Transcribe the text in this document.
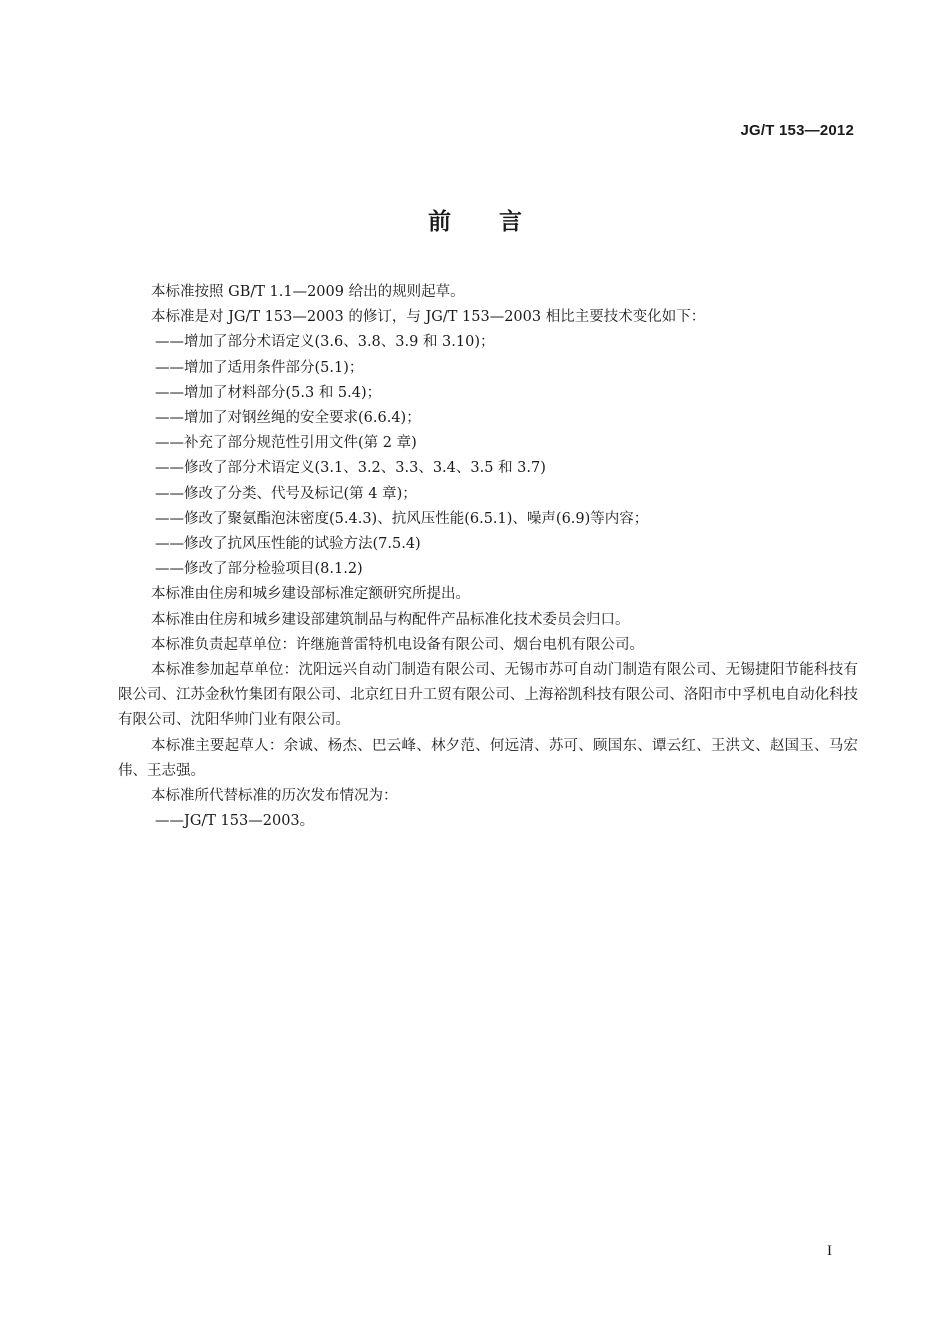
JG/T 153—2012
前言

本标准按照 GB/T 1.1—2009 给出的规则起草。

本标准是对 JG/T 153—2003 的修订，与 JG/T 153—2003 相比主要技术变化如下：

——增加了部分术语定义(3.6、3.8、3.9 和 3.10)；

——增加了适用条件部分(5.1)；

——增加了材料部分(5.3 和 5.4)；

——增加了对钢丝绳的安全要求(6.6.4)；

——补充了部分规范性引用文件(第 2 章)

——修改了部分术语定义(3.1、3.2、3.3、3.4、3.5 和 3.7)

——修改了分类、代号及标记(第 4 章)；

——修改了聚氨酯泡沫密度(5.4.3)、抗风压性能(6.5.1)、噪声(6.9)等内容；

——修改了抗风压性能的试验方法(7.5.4)

——修改了部分检验项目(8.1.2)

本标准由住房和城乡建设部标准定额研究所提出。

本标准由住房和城乡建设部建筑制品与构配件产品标准化技术委员会归口。

本标准负责起草单位：许继施普雷特机电设备有限公司、烟台电机有限公司。

本标准参加起草单位：沈阳远兴自动门制造有限公司、无锡市苏可自动门制造有限公司、无锡捷阳节能科技有限公司、江苏金秋竹集团有限公司、北京红日升工贸有限公司、上海裕凯科技有限公司、洛阳市中孚机电自动化科技有限公司、沈阳华帅门业有限公司。

本标准主要起草人：余诚、杨杰、巴云峰、林夕范、何远清、苏可、顾国东、谭云红、王洪文、赵国玉、马宏伟、王志强。

本标准所代替标准的历次发布情况为：

——JG/T 153—2003。

I
